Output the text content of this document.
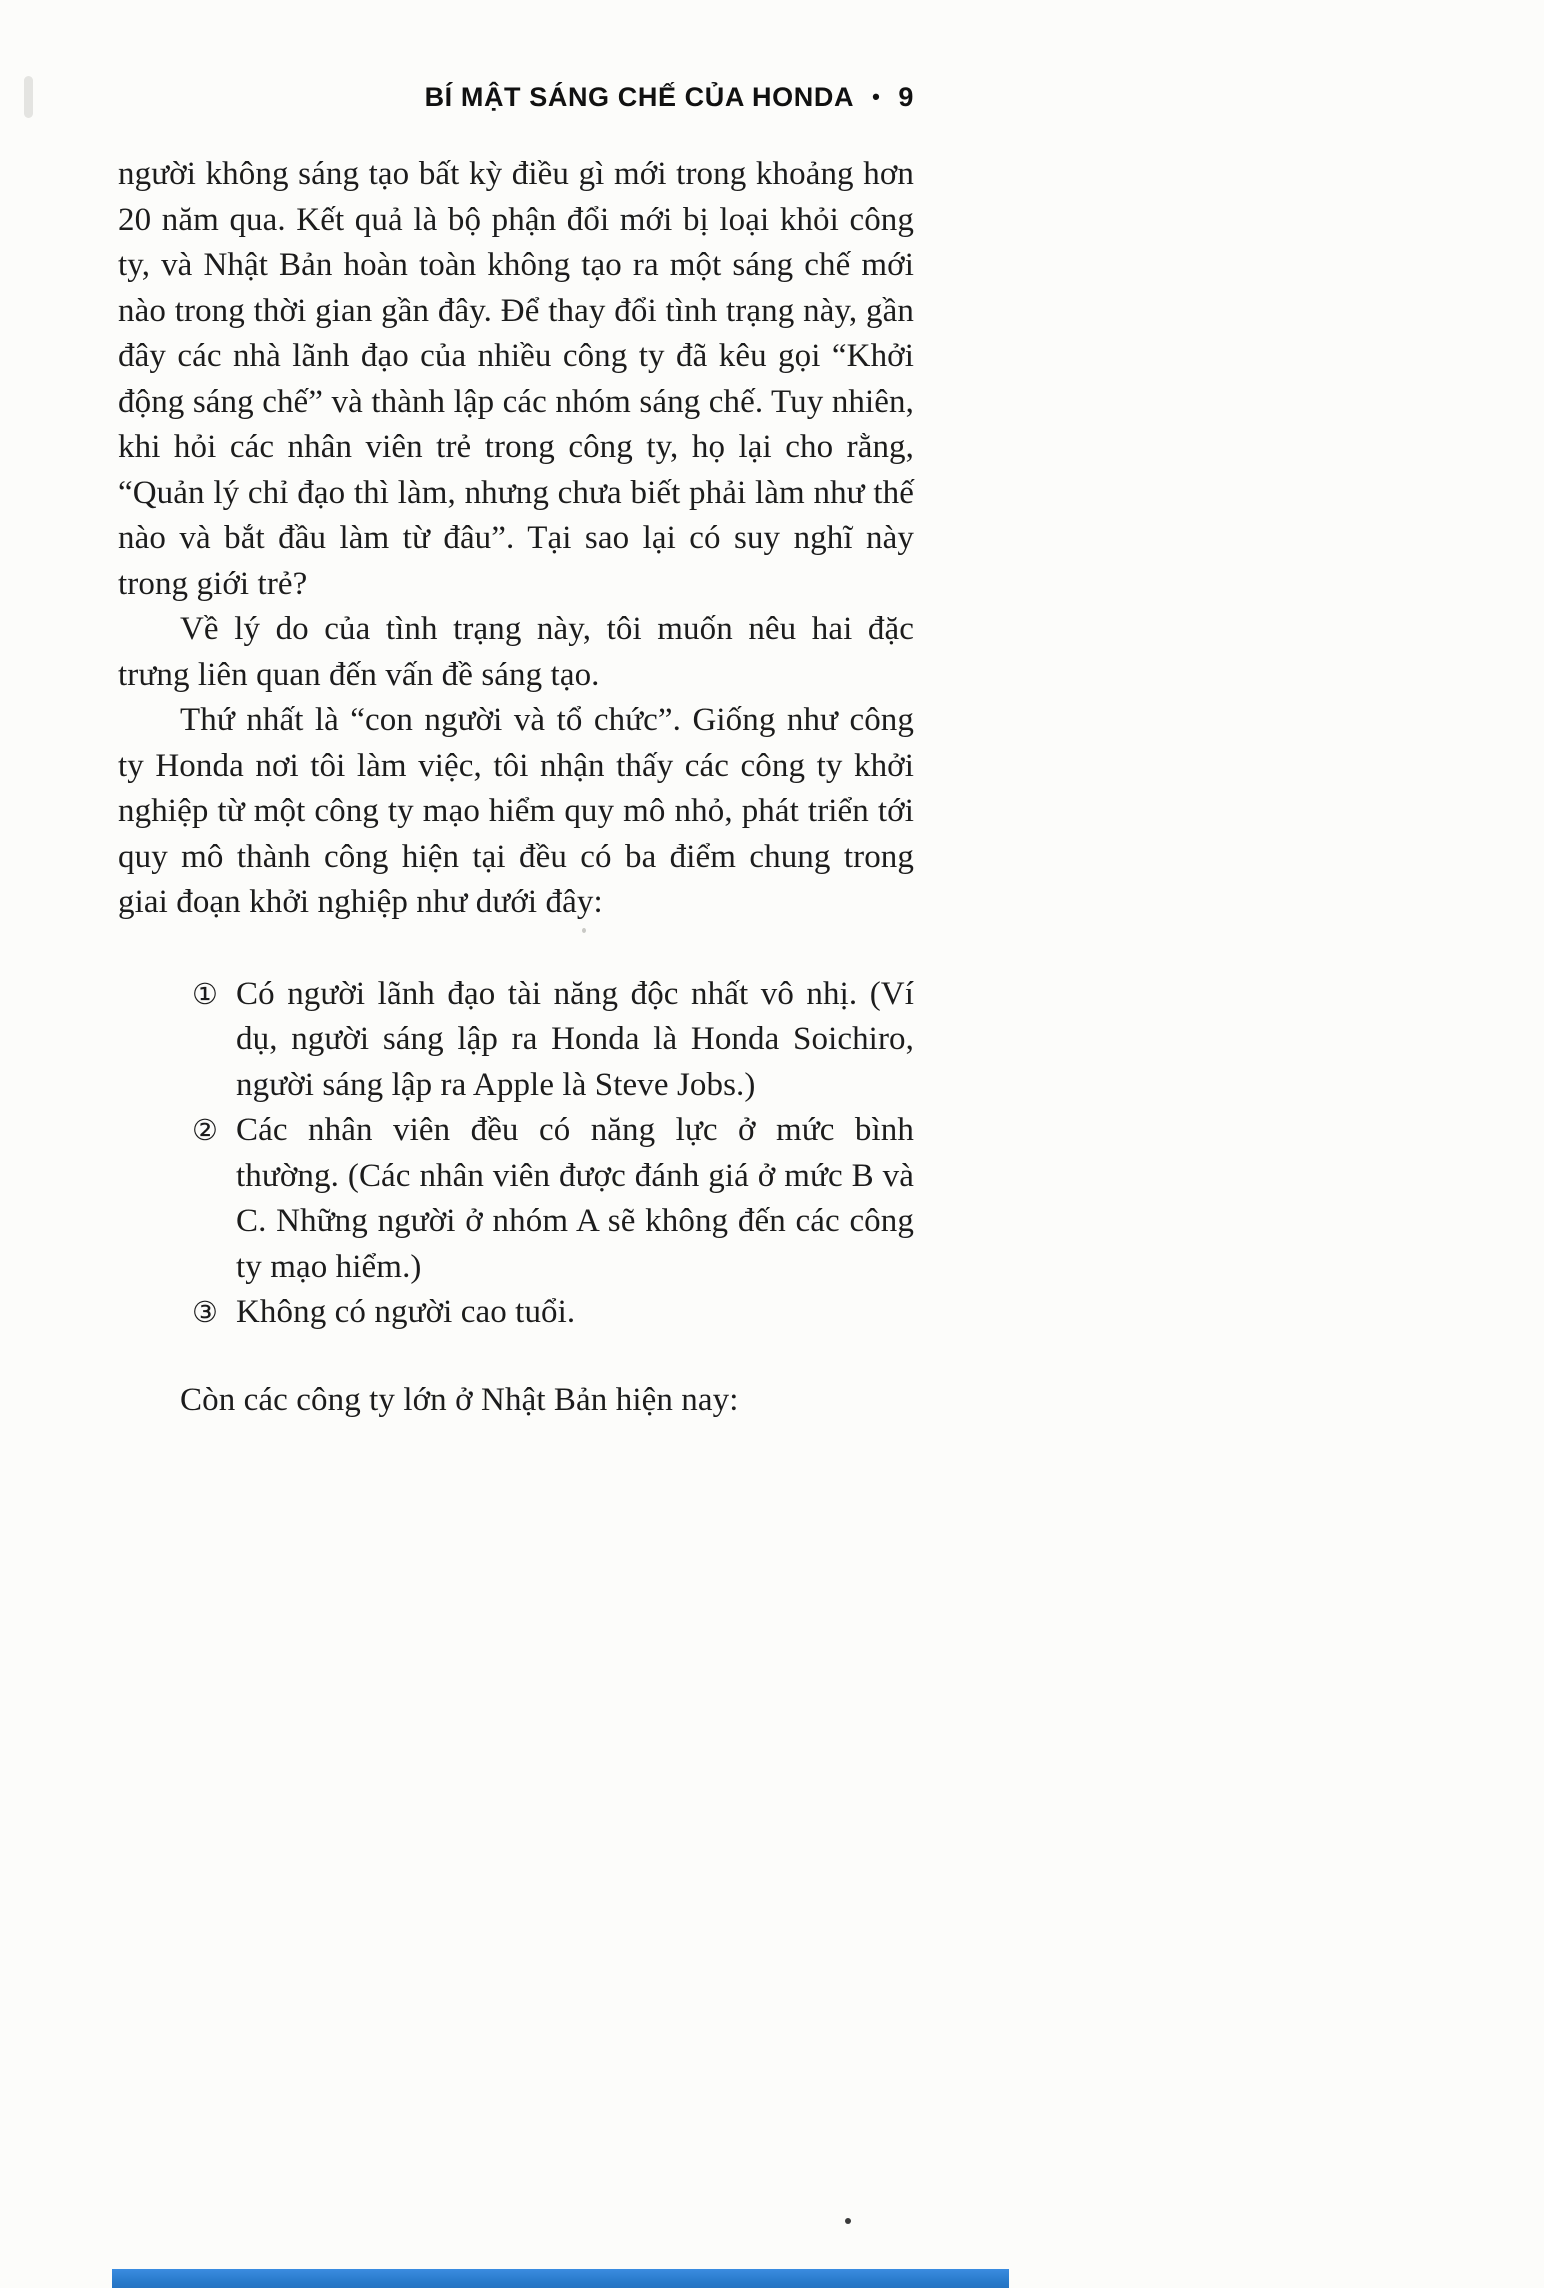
BÍ MẬT SÁNG CHẾ CỦA HONDA • 9

người không sáng tạo bất kỳ điều gì mới trong khoảng hơn 20 năm qua. Kết quả là bộ phận đổi mới bị loại khỏi công ty, và Nhật Bản hoàn toàn không tạo ra một sáng chế mới nào trong thời gian gần đây. Để thay đổi tình trạng này, gần đây các nhà lãnh đạo của nhiều công ty đã kêu gọi “Khởi động sáng chế” và thành lập các nhóm sáng chế. Tuy nhiên, khi hỏi các nhân viên trẻ trong công ty, họ lại cho rằng, “Quản lý chỉ đạo thì làm, nhưng chưa biết phải làm như thế nào và bắt đầu làm từ đâu”. Tại sao lại có suy nghĩ này trong giới trẻ?

Về lý do của tình trạng này, tôi muốn nêu hai đặc trưng liên quan đến vấn đề sáng tạo.

Thứ nhất là “con người và tổ chức”. Giống như công ty Honda nơi tôi làm việc, tôi nhận thấy các công ty khởi nghiệp từ một công ty mạo hiểm quy mô nhỏ, phát triển tới quy mô thành công hiện tại đều có ba điểm chung trong giai đoạn khởi nghiệp như dưới đây:

① Có người lãnh đạo tài năng độc nhất vô nhị. (Ví dụ, người sáng lập ra Honda là Honda Soichiro, người sáng lập ra Apple là Steve Jobs.)
② Các nhân viên đều có năng lực ở mức bình thường. (Các nhân viên được đánh giá ở mức B và C. Những người ở nhóm A sẽ không đến các công ty mạo hiểm.)
③ Không có người cao tuổi.

Còn các công ty lớn ở Nhật Bản hiện nay:
